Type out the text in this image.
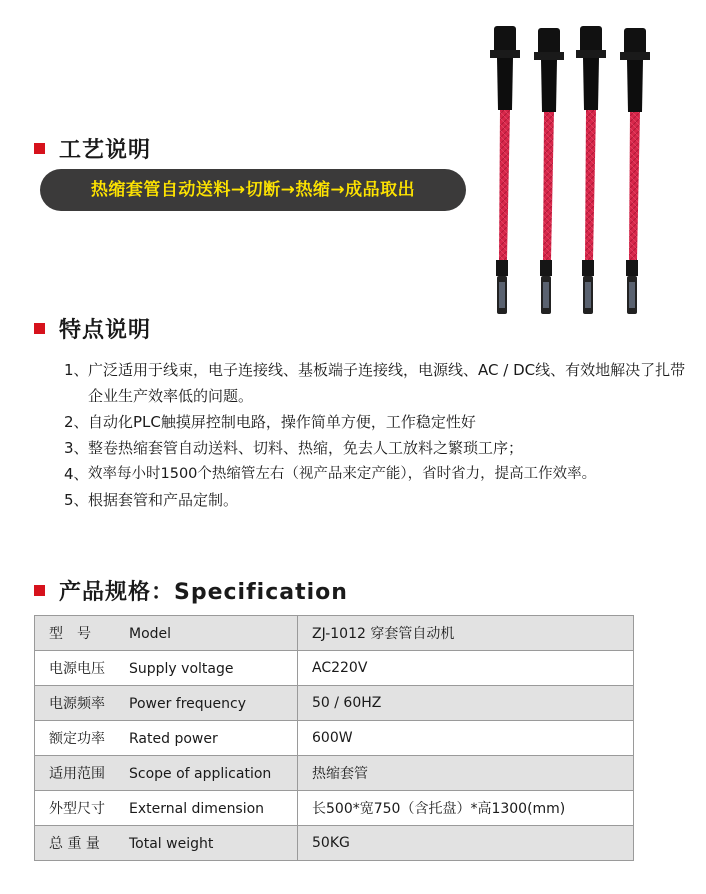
工艺说明
热缩套管自动送料→切断→热缩→成品取出
特点说明
1、 广泛适用于线束，电子连接线、基板端子连接线，电源线、AC / DC线、有效地解决了扎带企业生产效率低的问题。
2、 自动化PLC触摸屏控制电路，操作简单方便，工作稳定性好
3、 整卷热缩套管自动送料、切料、热缩，免去人工放料之繁琐工序；
4、 效率每小时1500个热缩管左右（视产品来定产能），省时省力，提高工作效率。
5、 根据套管和产品定制。
产品规格：Specification
型　号 Model	ZJ-1012 穿套管自动机
电源电压 Supply voltage	AC220V
电源频率 Power frequency	50 / 60HZ
额定功率 Rated power	600W
适用范围 Scope of application	热缩套管
外型尺寸 External dimension	长500*宽750（含托盘）*高1300(mm)
总 重 量 Total weight	50KG
